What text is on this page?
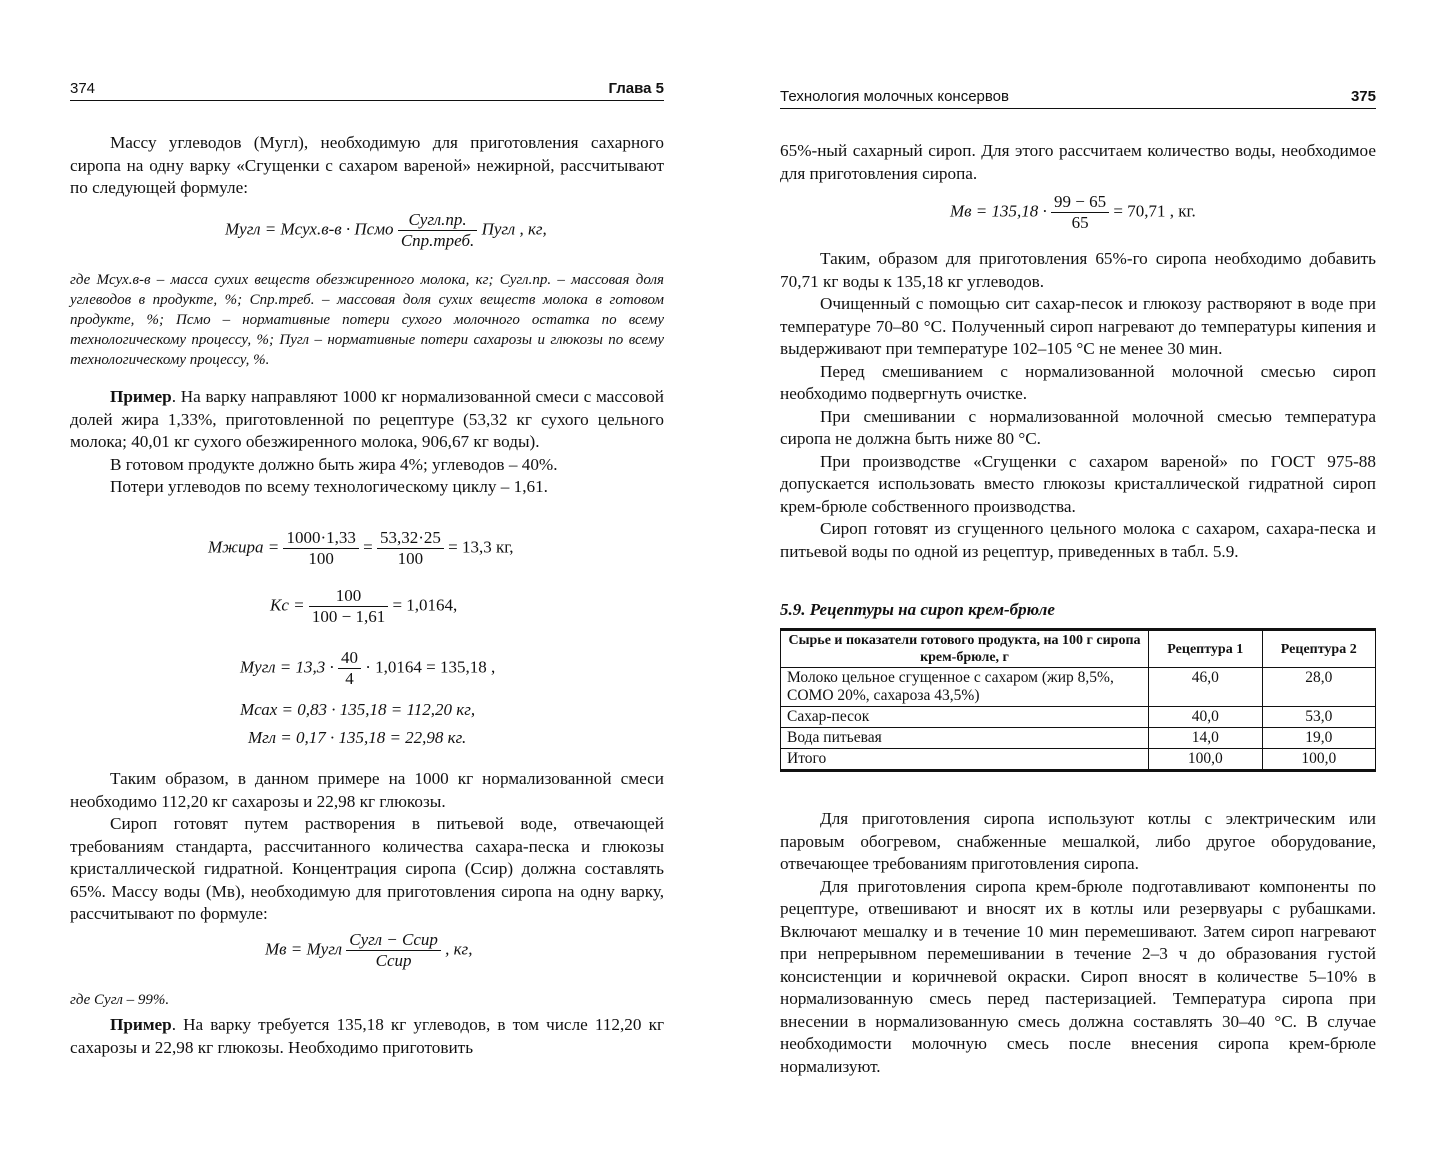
374	Глава 5

Массу углеводов (Mугл), необходимую для приготовления сахарного сиропа на одну варку «Сгущенки с сахаром вареной» нежирной, рассчитывают по следующей формуле:

Mугл = Mсух.в-в · Псмо $\frac{\text{Cугл.пр.}}{\text{Cпр.треб.}}$ Пугл , кг,

где Mсух.в-в – масса сухих веществ обезжиренного молока, кг; Cугл.пр. – массовая доля углеводов в продукте, %; Cпр.треб. – массовая доля сухих веществ молока в готовом продукте, %; Псмо – нормативные потери сухого молочного остатка по всему технологическому процессу, %; Пугл – нормативные потери сахарозы и глюкозы по всему технологическому процессу, %.

Пример. На варку направляют 1000 кг нормализованной смеси с массовой долей жира 1,33%, приготовленной по рецептуре (53,32 кг сухого цельного молока; 40,01 кг сухого обезжиренного молока, 906,67 кг воды).

В готовом продукте должно быть жира 4%; углеводов – 40%.

Потери углеводов по всему технологическому циклу – 1,61.

Mжира = $\frac{1000\cdot 1,33}{100} = \frac{53,32\cdot 25}{100} = 13,3$ кг,
Kс = $\frac{100}{100 - 1,61} = 1,0164$,
Mугл = $13,3 \cdot \frac{40}{4} \cdot 1,0164 = 135,18$ ,
Mсах = 0,83 · 135,18 = 112,20 кг,
Mгл = 0,17 · 135,18 = 22,98 кг.

Таким образом, в данном примере на 1000 кг нормализованной смеси необходимо 112,20 кг сахарозы и 22,98 кг глюкозы.

Сироп готовят путем растворения в питьевой воде, отвечающей требованиям стандарта, рассчитанного количества сахара-песка и глюкозы кристаллической гидратной. Концентрация сиропа (Cсир) должна составлять 65%. Массу воды (Mв), необходимую для приготовления сиропа на одну варку, рассчитывают по формуле:

Mв = Mугл $\frac{\text{Cугл − Cсир}}{\text{Cсир}}$ , кг,

где Cугл – 99%.

Пример. На варку требуется 135,18 кг углеводов, в том числе 112,20 кг сахарозы и 22,98 кг глюкозы. Необходимо приготовить

Технология молочных консервов	375

65%-ный сахарный сироп. Для этого рассчитаем количество воды, необходимое для приготовления сиропа.

Mв = $135,18 \cdot \frac{99 - 65}{65} = 70,71$ , кг.

Таким, образом для приготовления 65%-го сиропа необходимо добавить 70,71 кг воды к 135,18 кг углеводов.

Очищенный с помощью сит сахар-песок и глюкозу растворяют в воде при температуре 70–80 °С. Полученный сироп нагревают до температуры кипения и выдерживают при температуре 102–105 °С не менее 30 мин.

Перед смешиванием с нормализованной молочной смесью сироп необходимо подвергнуть очистке.

При смешивании с нормализованной молочной смесью температура сиропа не должна быть ниже 80 °С.

При производстве «Сгущенки с сахаром вареной» по ГОСТ 975-88 допускается использовать вместо глюкозы кристаллической гидратной сироп крем-брюле собственного производства.

Сироп готовят из сгущенного цельного молока с сахаром, сахара-песка и питьевой воды по одной из рецептур, приведенных в табл. 5.9.

5.9. Рецептуры на сироп крем-брюле
Сырье и показатели готового продукта, на 100 г сиропа крем-брюле, г	Рецептура 1	Рецептура 2
Молоко цельное сгущенное с сахаром (жир 8,5%, СОМО 20%, сахароза 43,5%)	46,0	28,0
Сахар-песок	40,0	53,0
Вода питьевая	14,0	19,0
Итого	100,0	100,0

Для приготовления сиропа используют котлы с электрическим или паровым обогревом, снабженные мешалкой, либо другое оборудование, отвечающее требованиям приготовления сиропа.

Для приготовления сиропа крем-брюле подготавливают компоненты по рецептуре, отвешивают и вносят их в котлы или резервуары с рубашками. Включают мешалку и в течение 10 мин перемешивают. Затем сироп нагревают при непрерывном перемешивании в течение 2–3 ч до образования густой консистенции и коричневой окраски. Сироп вносят в количестве 5–10% в нормализованную смесь перед пастеризацией. Температура сиропа при внесении в нормализованную смесь должна составлять 30–40 °С. В случае необходимости молочную смесь после внесения сиропа крем-брюле нормализуют.
